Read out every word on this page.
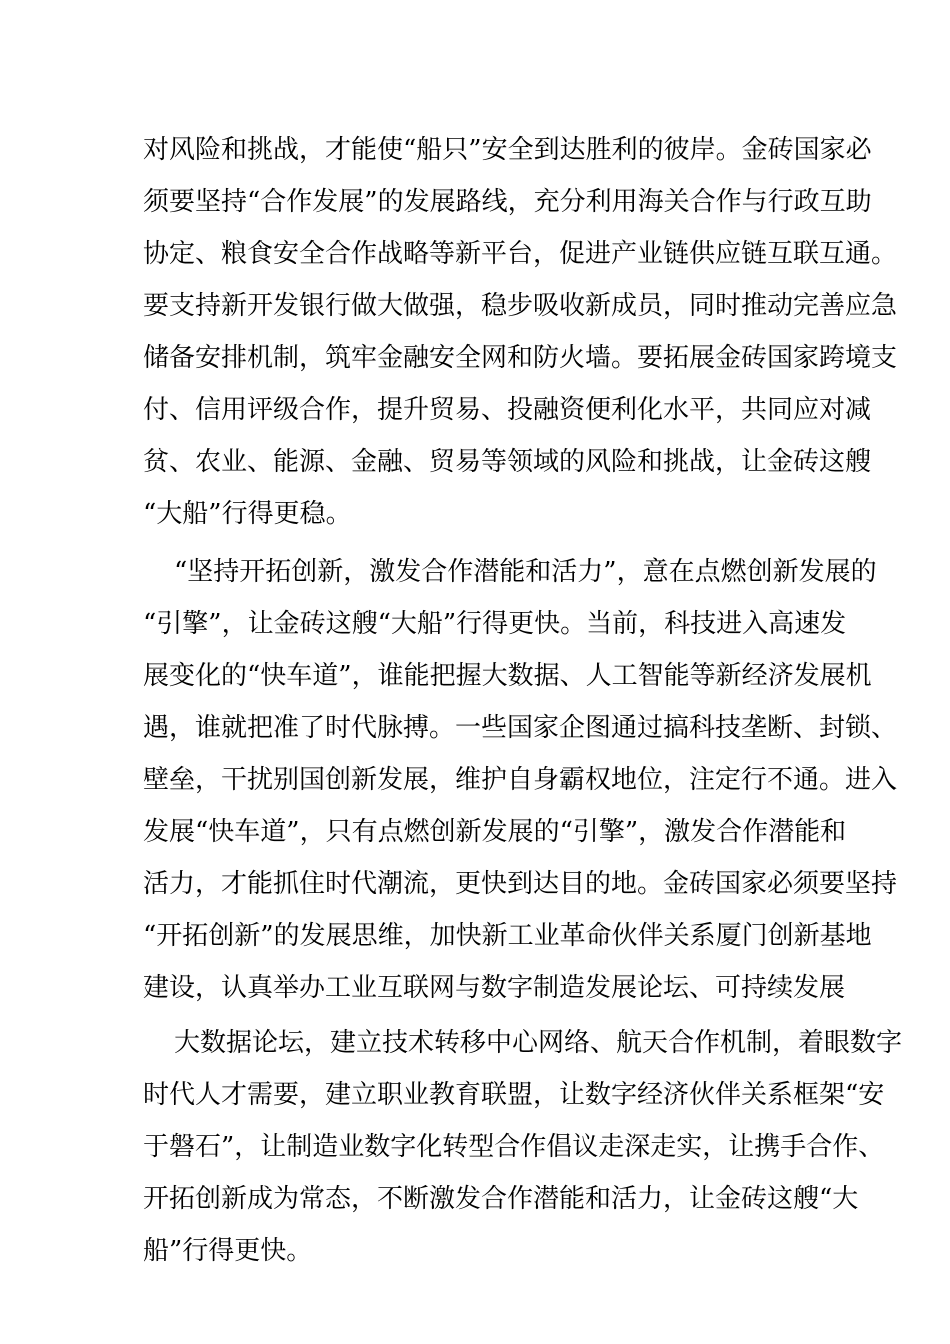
对风险和挑战，才能使“船只”安全到达胜利的彼岸。金砖国家必
须要坚持“合作发展”的发展路线，充分利用海关合作与行政互助
协定、粮食安全合作战略等新平台，促进产业链供应链互联互通。
要支持新开发银行做大做强，稳步吸收新成员，同时推动完善应急
储备安排机制，筑牢金融安全网和防火墙。要拓展金砖国家跨境支
付、信用评级合作，提升贸易、投融资便利化水平，共同应对减
贫、农业、能源、金融、贸易等领域的风险和挑战，让金砖这艘
“大船”行得更稳。
“坚持开拓创新，激发合作潜能和活力”，意在点燃创新发展的
“引擎”，让金砖这艘“大船”行得更快。当前，科技进入高速发
展变化的“快车道”，谁能把握大数据、人工智能等新经济发展机
遇，谁就把准了时代脉搏。一些国家企图通过搞科技垄断、封锁、
壁垒，干扰别国创新发展，维护自身霸权地位，注定行不通。进入
发展“快车道”，只有点燃创新发展的“引擎”，激发合作潜能和
活力，才能抓住时代潮流，更快到达目的地。金砖国家必须要坚持
“开拓创新”的发展思维，加快新工业革命伙伴关系厦门创新基地
建设，认真举办工业互联网与数字制造发展论坛、可持续发展
大数据论坛，建立技术转移中心网络、航天合作机制，着眼数字
时代人才需要，建立职业教育联盟，让数字经济伙伴关系框架“安
于磐石”，让制造业数字化转型合作倡议走深走实，让携手合作、
开拓创新成为常态，不断激发合作潜能和活力，让金砖这艘“大
船”行得更快。
